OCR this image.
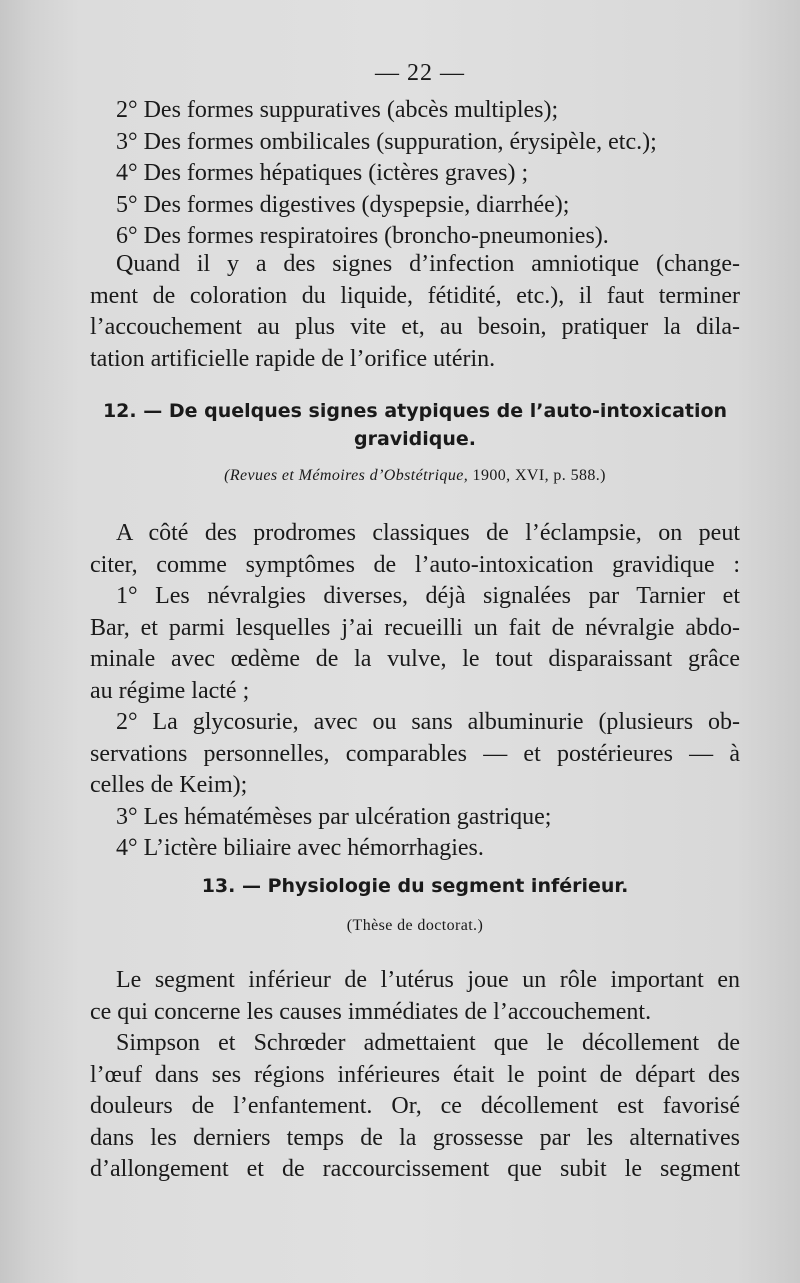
— 22 —
2° Des formes suppuratives (abcès multiples);
3° Des formes ombilicales (suppuration, érysipèle, etc.);
4° Des formes hépatiques (ictères graves) ;
5° Des formes digestives (dyspepsie, diarrhée);
6° Des formes respiratoires (broncho-pneumonies).
Quand il y a des signes d’infection amniotique (change-
ment de coloration du liquide, fétidité, etc.), il faut terminer
l’accouchement au plus vite et, au besoin, pratiquer la dila-
tation artificielle rapide de l’orifice utérin.
12. — De quelques signes atypiques de l’auto-intoxication
gravidique.
(Revues et Mémoires d’Obstétrique, 1900, XVI, p. 588.)
A côté des prodromes classiques de l’éclampsie, on peut
citer, comme symptômes de l’auto-intoxication gravidique :
1° Les névralgies diverses, déjà signalées par Tarnier et
Bar, et parmi lesquelles j’ai recueilli un fait de névralgie abdo-
minale avec œdème de la vulve, le tout disparaissant grâce
au régime lacté ;
2° La glycosurie, avec ou sans albuminurie (plusieurs ob-
servations personnelles, comparables — et postérieures — à
celles de Keim);
3° Les hématémèses par ulcération gastrique;
4° L’ictère biliaire avec hémorrhagies.
13. — Physiologie du segment inférieur.
(Thèse de doctorat.)
Le segment inférieur de l’utérus joue un rôle important en
ce qui concerne les causes immédiates de l’accouchement.
Simpson et Schrœder admettaient que le décollement de
l’œuf dans ses régions inférieures était le point de départ des
douleurs de l’enfantement. Or, ce décollement est favorisé
dans les derniers temps de la grossesse par les alternatives
d’allongement et de raccourcissement que subit le segment
